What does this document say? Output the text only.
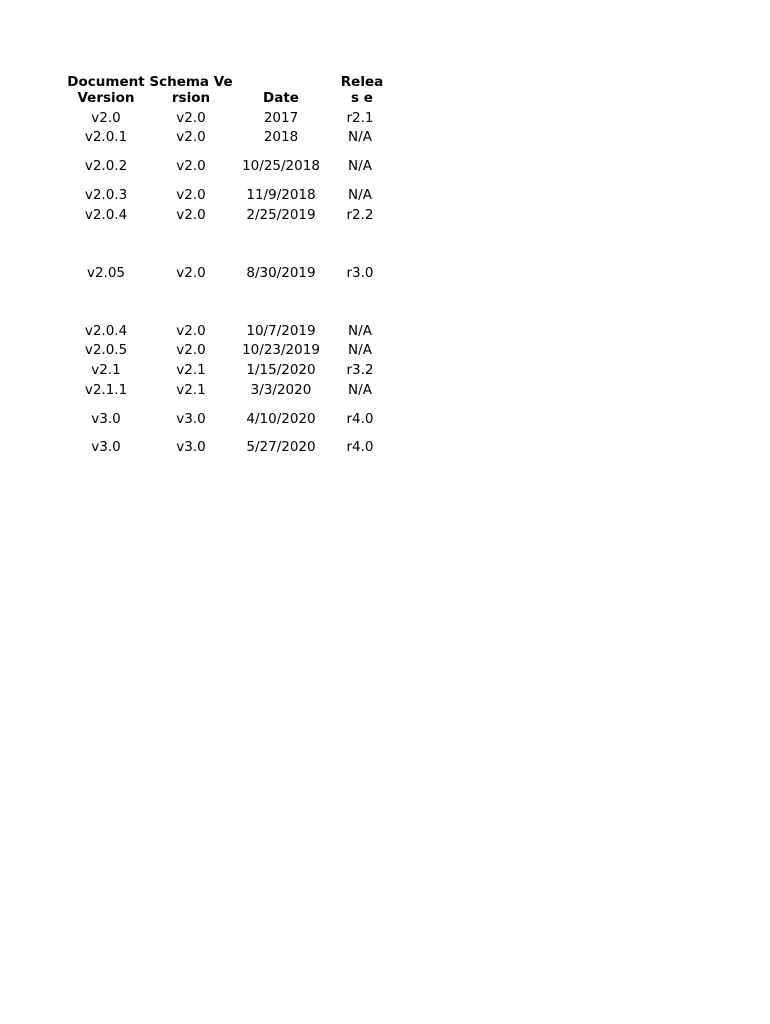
Document Version	Schema Version	Date	Releas e
v2.0	v2.0	2017	r2.1
v2.0.1	v2.0	2018	N/A
v2.0.2	v2.0	10/25/2018	N/A
v2.0.3	v2.0	11/9/2018	N/A
v2.0.4	v2.0	2/25/2019	r2.2
v2.05	v2.0	8/30/2019	r3.0
v2.0.4	v2.0	10/7/2019	N/A
v2.0.5	v2.0	10/23/2019	N/A
v2.1	v2.1	1/15/2020	r3.2
v2.1.1	v2.1	3/3/2020	N/A
v3.0	v3.0	4/10/2020	r4.0
v3.0	v3.0	5/27/2020	r4.0
